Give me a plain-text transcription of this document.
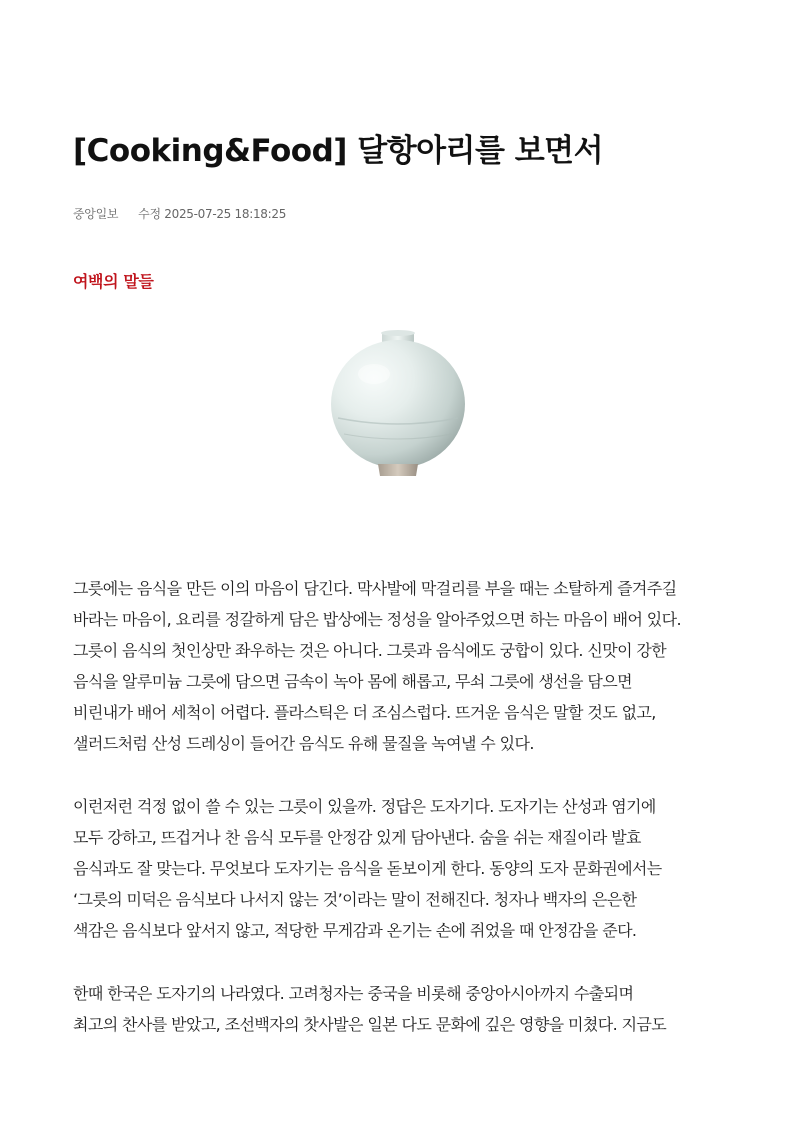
[Cooking&Food] 달항아리를 보면서
중앙일보 수정 2025-07-25 18:18:25
여백의 말들

그릇에는 음식을 만든 이의 마음이 담긴다. 막사발에 막걸리를 부을 때는 소탈하게 즐겨주길
바라는 마음이, 요리를 정갈하게 담은 밥상에는 정성을 알아주었으면 하는 마음이 배어 있다.
그릇이 음식의 첫인상만 좌우하는 것은 아니다. 그릇과 음식에도 궁합이 있다. 신맛이 강한
음식을 알루미늄 그릇에 담으면 금속이 녹아 몸에 해롭고, 무쇠 그릇에 생선을 담으면
비린내가 배어 세척이 어렵다. 플라스틱은 더 조심스럽다. 뜨거운 음식은 말할 것도 없고,
샐러드처럼 산성 드레싱이 들어간 음식도 유해 물질을 녹여낼 수 있다.

이런저런 걱정 없이 쓸 수 있는 그릇이 있을까. 정답은 도자기다. 도자기는 산성과 염기에
모두 강하고, 뜨겁거나 찬 음식 모두를 안정감 있게 담아낸다. 숨을 쉬는 재질이라 발효
음식과도 잘 맞는다. 무엇보다 도자기는 음식을 돋보이게 한다. 동양의 도자 문화권에서는
‘그릇의 미덕은 음식보다 나서지 않는 것’이라는 말이 전해진다. 청자나 백자의 은은한
색감은 음식보다 앞서지 않고, 적당한 무게감과 온기는 손에 쥐었을 때 안정감을 준다.

한때 한국은 도자기의 나라였다. 고려청자는 중국을 비롯해 중앙아시아까지 수출되며
최고의 찬사를 받았고, 조선백자의 찻사발은 일본 다도 문화에 깊은 영향을 미쳤다. 지금도
